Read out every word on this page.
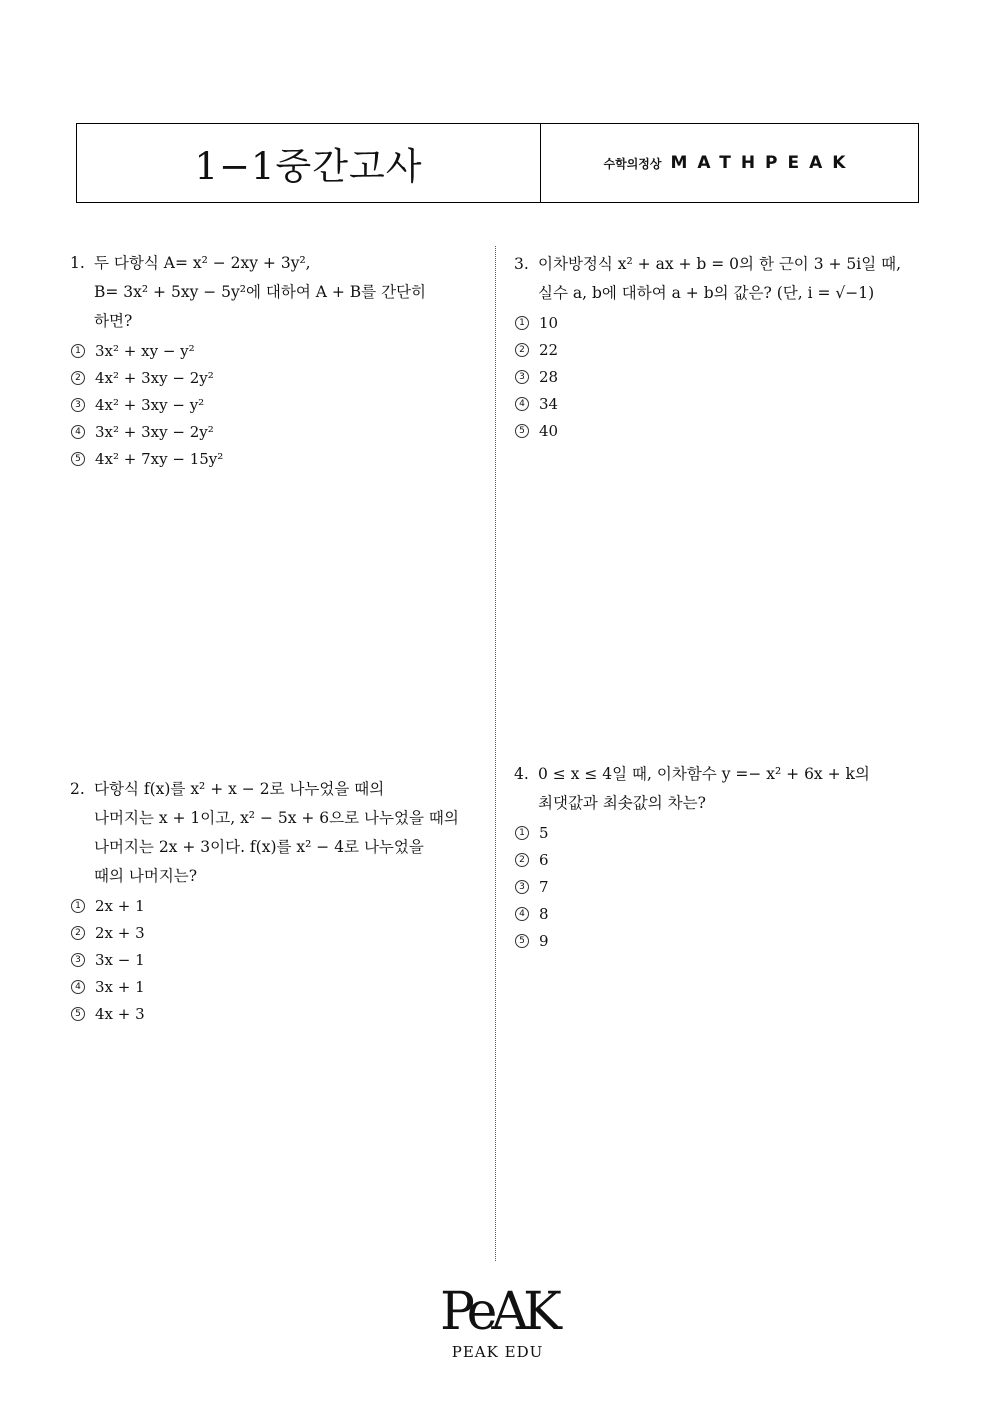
1−1중간고사	수학의정상 MATHPEAK
1. 두 다항식 A= x² − 2xy + 3y²,
B= 3x² + 5xy − 5y²에 대하여 A + B를 간단히
하면?
1 3x² + xy − y²
2 4x² + 3xy − 2y²
3 4x² + 3xy − y²
4 3x² + 3xy − 2y²
5 4x² + 7xy − 15y²
2. 다항식 f(x)를 x² + x − 2로 나누었을 때의
나머지는 x + 1이고, x² − 5x + 6으로 나누었을 때의
나머지는 2x + 3이다. f(x)를 x² − 4로 나누었을
때의 나머지는?
1 2x + 1
2 2x + 3
3 3x − 1
4 3x + 1
5 4x + 3
3. 이차방정식 x² + ax + b = 0의 한 근이 3 + 5i일 때,
실수 a, b에 대하여 a + b의 값은? (단, i = √−1)
1 10
2 22
3 28
4 34
5 40
4. 0 ≤ x ≤ 4일 때, 이차함수 y =− x² + 6x + k의
최댓값과 최솟값의 차는?
1 5
2 6
3 7
4 8
5 9
PeAK
PEAK EDU
